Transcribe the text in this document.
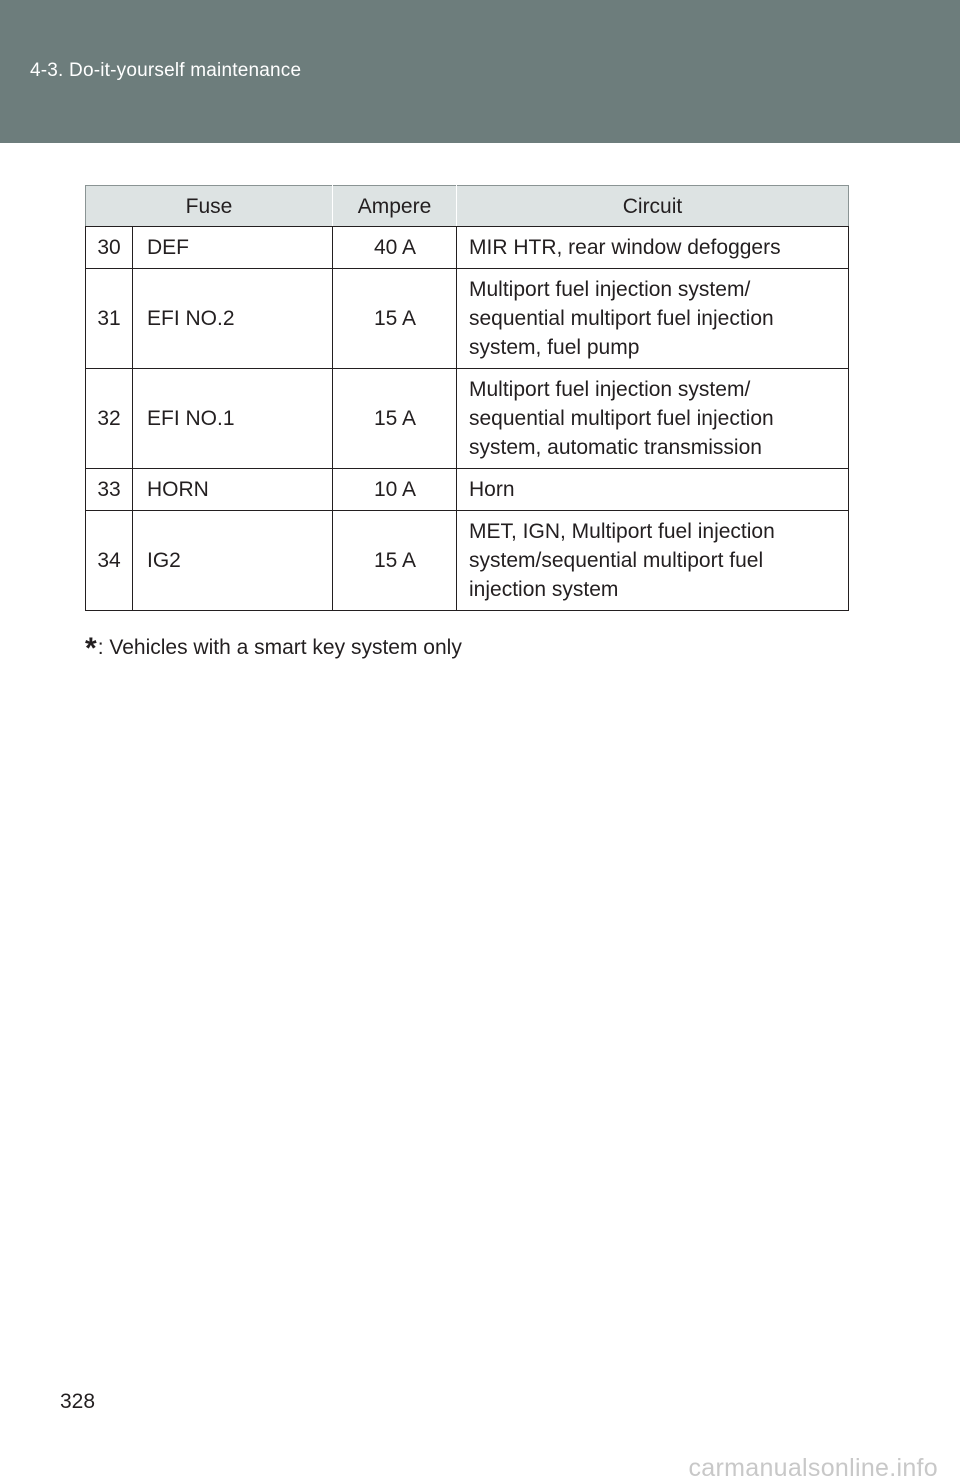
4-3. Do-it-yourself maintenance
Fuse		Ampere	Circuit
30	DEF	40 A	MIR HTR, rear window defoggers
31	EFI NO.2	15 A	Multiport fuel injection system/ sequential multiport fuel injection system, fuel pump
32	EFI NO.1	15 A	Multiport fuel injection system/ sequential multiport fuel injection system, automatic transmission
33	HORN	10 A	Horn
34	IG2	15 A	MET, IGN, Multiport fuel injection system/sequential multiport fuel injection system
*: Vehicles with a smart key system only
328
carmanualsonline.info
